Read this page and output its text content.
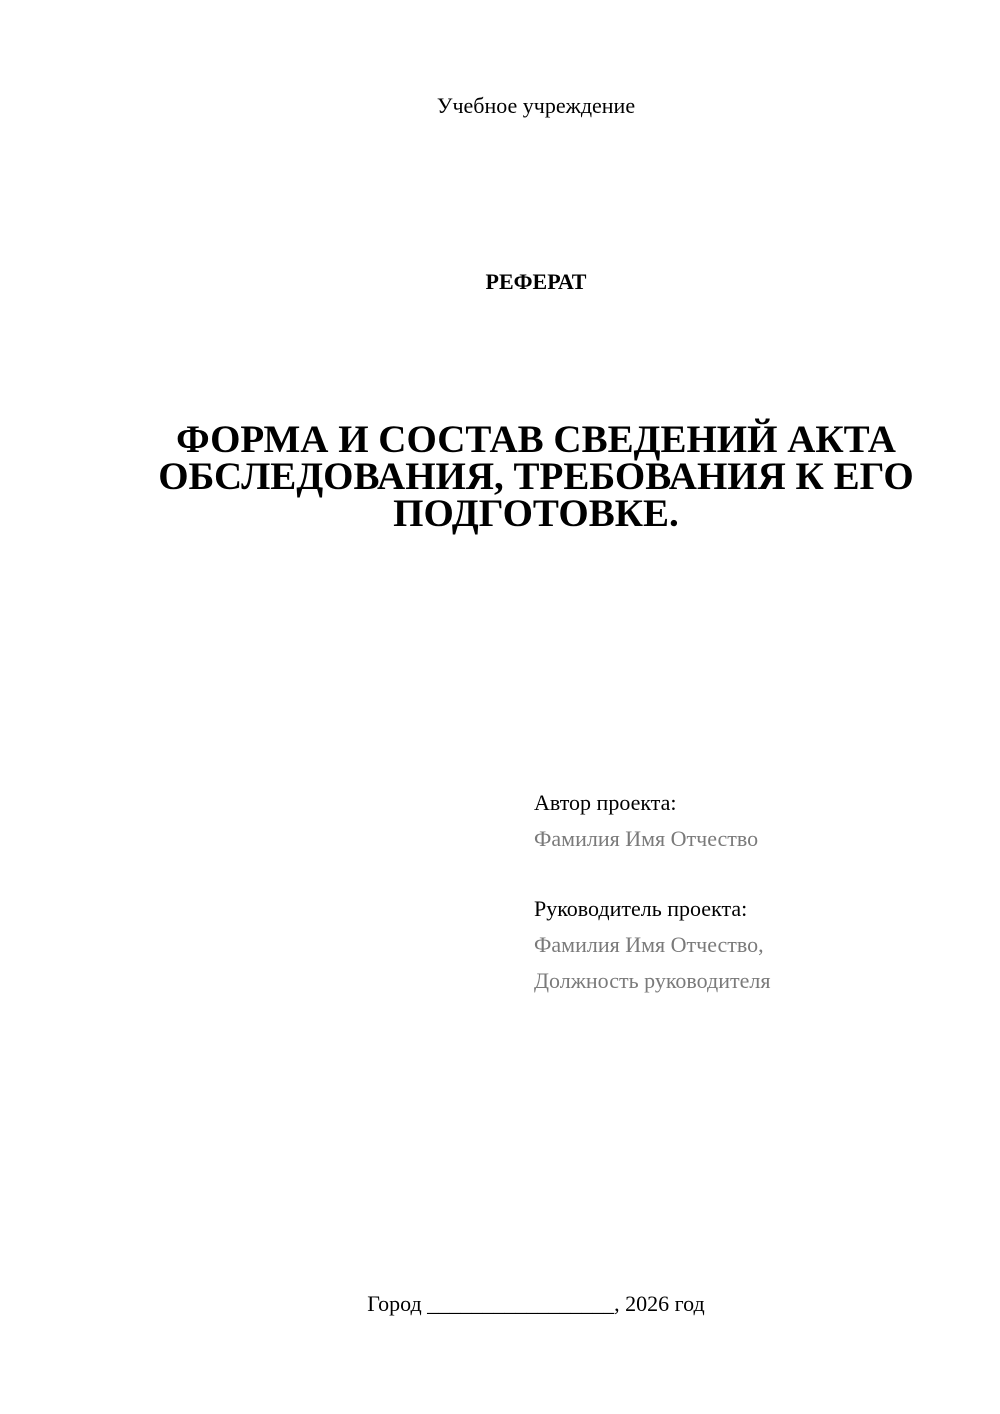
Учебное учреждение
РЕФЕРАТ
ФОРМА И СОСТАВ СВЕДЕНИЙ АКТА
ОБСЛЕДОВАНИЯ, ТРЕБОВАНИЯ К ЕГО
ПОДГОТОВКЕ.
Автор проекта:
Фамилия Имя Отчество
Руководитель проекта:
Фамилия Имя Отчество,
Должность руководителя
Город _________________, 2026 год
